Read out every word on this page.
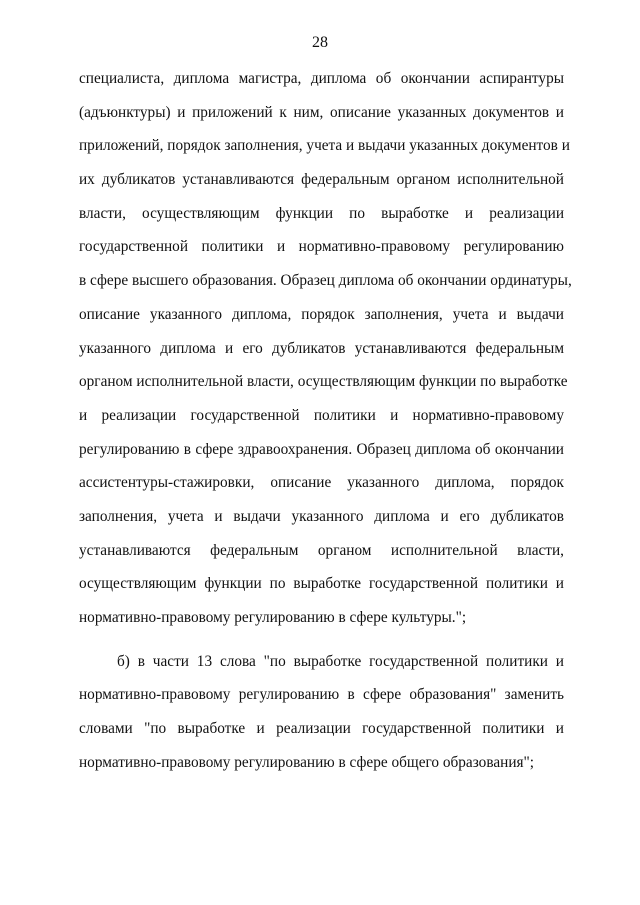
28
специалиста, диплома магистра, диплома об окончании аспирантуры
(адъюнктуры) и приложений к ним, описание указанных документов и
приложений, порядок заполнения, учета и выдачи указанных документов и
их дубликатов устанавливаются федеральным органом исполнительной
власти, осуществляющим функции по выработке и реализации
государственной политики и нормативно-правовому регулированию
в сфере высшего образования. Образец диплома об окончании ординатуры,
описание указанного диплома, порядок заполнения, учета и выдачи
указанного диплома и его дубликатов устанавливаются федеральным
органом исполнительной власти, осуществляющим функции по выработке
и реализации государственной политики и нормативно-правовому
регулированию в сфере здравоохранения. Образец диплома об окончании
ассистентуры-стажировки, описание указанного диплома, порядок
заполнения, учета и выдачи указанного диплома и его дубликатов
устанавливаются федеральным органом исполнительной власти,
осуществляющим функции по выработке государственной политики и
нормативно-правовому регулированию в сфере культуры.";
б) в части 13 слова "по выработке государственной политики и
нормативно-правовому регулированию в сфере образования" заменить
словами "по выработке и реализации государственной политики и
нормативно-правовому регулированию в сфере общего образования";
